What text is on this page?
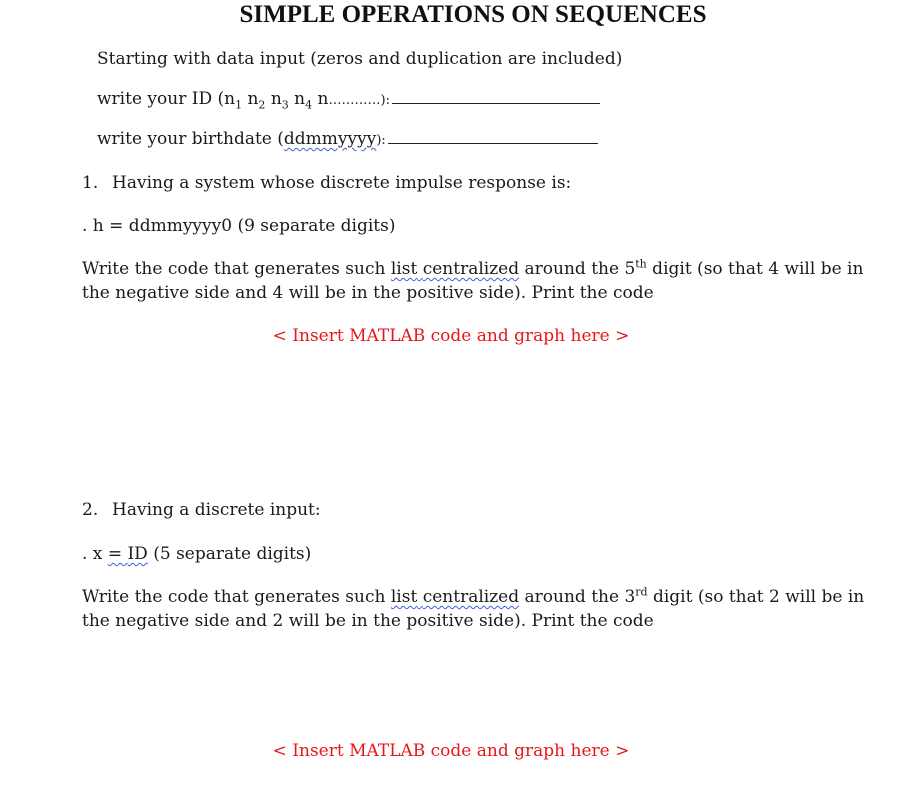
SIMPLE OPERATIONS ON SEQUENCES
Starting with data input (zeros and duplication are included)
write your ID ($n_1$ $n_2$ $n_3$ $n_4$ n…………):
write your birthdate (ddmmyyyy):
1. Having a system whose discrete impulse response is:
. h = ddmmyyyy0 (9 separate digits)
Write the code that generates such list centralized around the 5th digit (so that 4 will be in the negative side and 4 will be in the positive side). Print the code
< Insert MATLAB code and graph here >
2. Having a discrete input:
. x = ID (5 separate digits)
Write the code that generates such list centralized around the 3rd digit (so that 2 will be in the negative side and 2 will be in the positive side). Print the code
< Insert MATLAB code and graph here >
